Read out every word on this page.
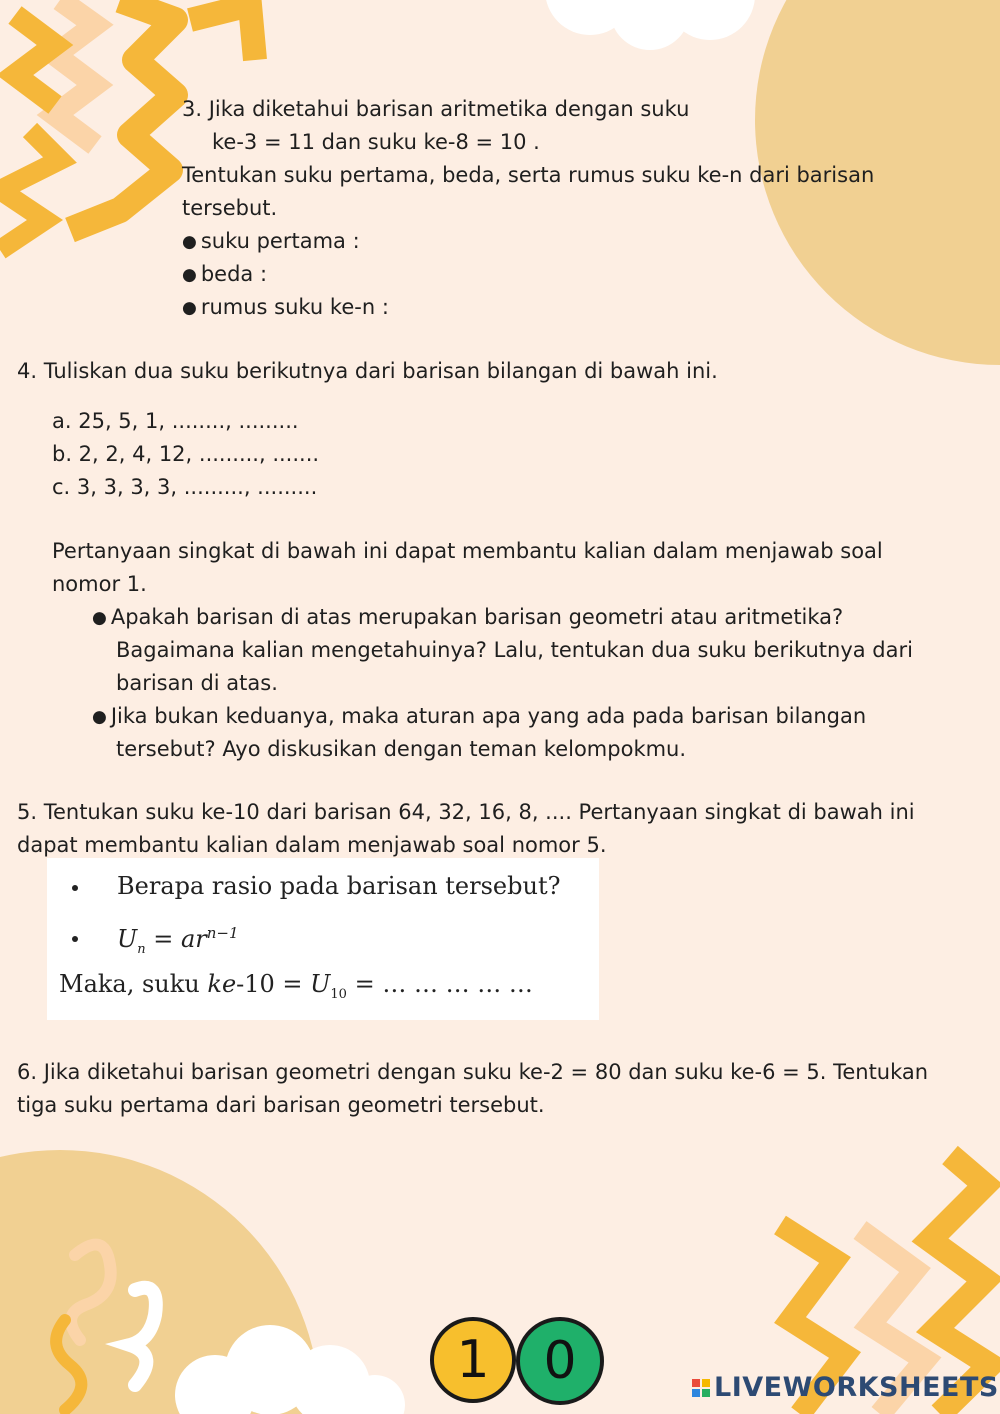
3. Jika diketahui barisan aritmetika dengan suku
ke-3 = 11 dan suku ke-8 = 10 .
Tentukan suku pertama, beda, serta rumus suku ke-n dari barisan
tersebut.
● suku pertama :
● beda :
● rumus suku ke-n :
4. Tuliskan dua suku berikutnya dari barisan bilangan di bawah ini.
a. 25, 5, 1, ........, .........
b. 2, 2, 4, 12, ........., .......
c. 3, 3, 3, 3, ........., .........
Pertanyaan singkat di bawah ini dapat membantu kalian dalam menjawab soal
nomor 1.
● Apakah barisan di atas merupakan barisan geometri atau aritmetika?
Bagaimana kalian mengetahuinya? Lalu, tentukan dua suku berikutnya dari
barisan di atas.
● Jika bukan keduanya, maka aturan apa yang ada pada barisan bilangan
tersebut? Ayo diskusikan dengan teman kelompokmu.
5. Tentukan suku ke-10 dari barisan 64, 32, 16, 8, .... Pertanyaan singkat di bawah ini
dapat membantu kalian dalam menjawab soal nomor 5.
Berapa rasio pada barisan tersebut?
$U_n = ar^{n-1}$
Maka, suku $ke-10 = U_{10}$ = … … … … …
6. Jika diketahui barisan geometri dengan suku ke-2 = 80 dan suku ke-6 = 5. Tentukan
tiga suku pertama dari barisan geometri tersebut.
1	0	LIVEWORKSHEETS
